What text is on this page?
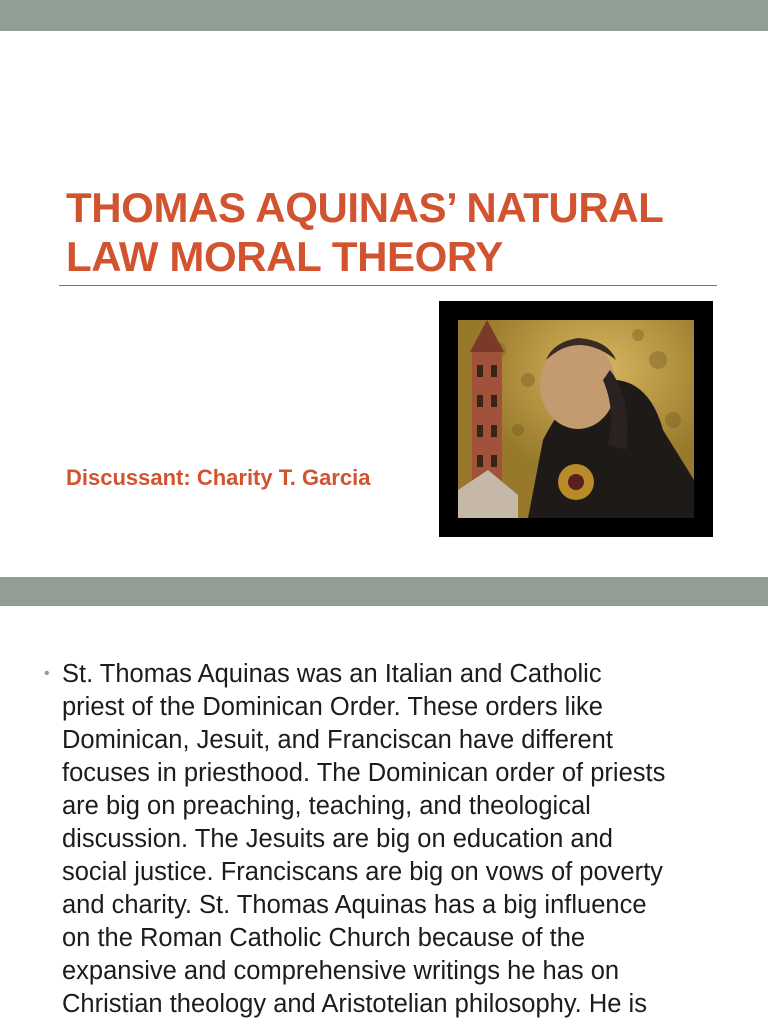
THOMAS AQUINAS’ NATURAL
LAW MORAL THEORY
Discussant: Charity T. Garcia
• St. Thomas Aquinas was an Italian and Catholic
priest of the Dominican Order. These orders like
Dominican, Jesuit, and Franciscan have different
focuses in priesthood. The Dominican order of priests
are big on preaching, teaching, and theological
discussion. The Jesuits are big on education and
social justice. Franciscans are big on vows of poverty
and charity. St. Thomas Aquinas has a big influence
on the Roman Catholic Church because of the
expansive and comprehensive writings he has on
Christian theology and Aristotelian philosophy. He is
